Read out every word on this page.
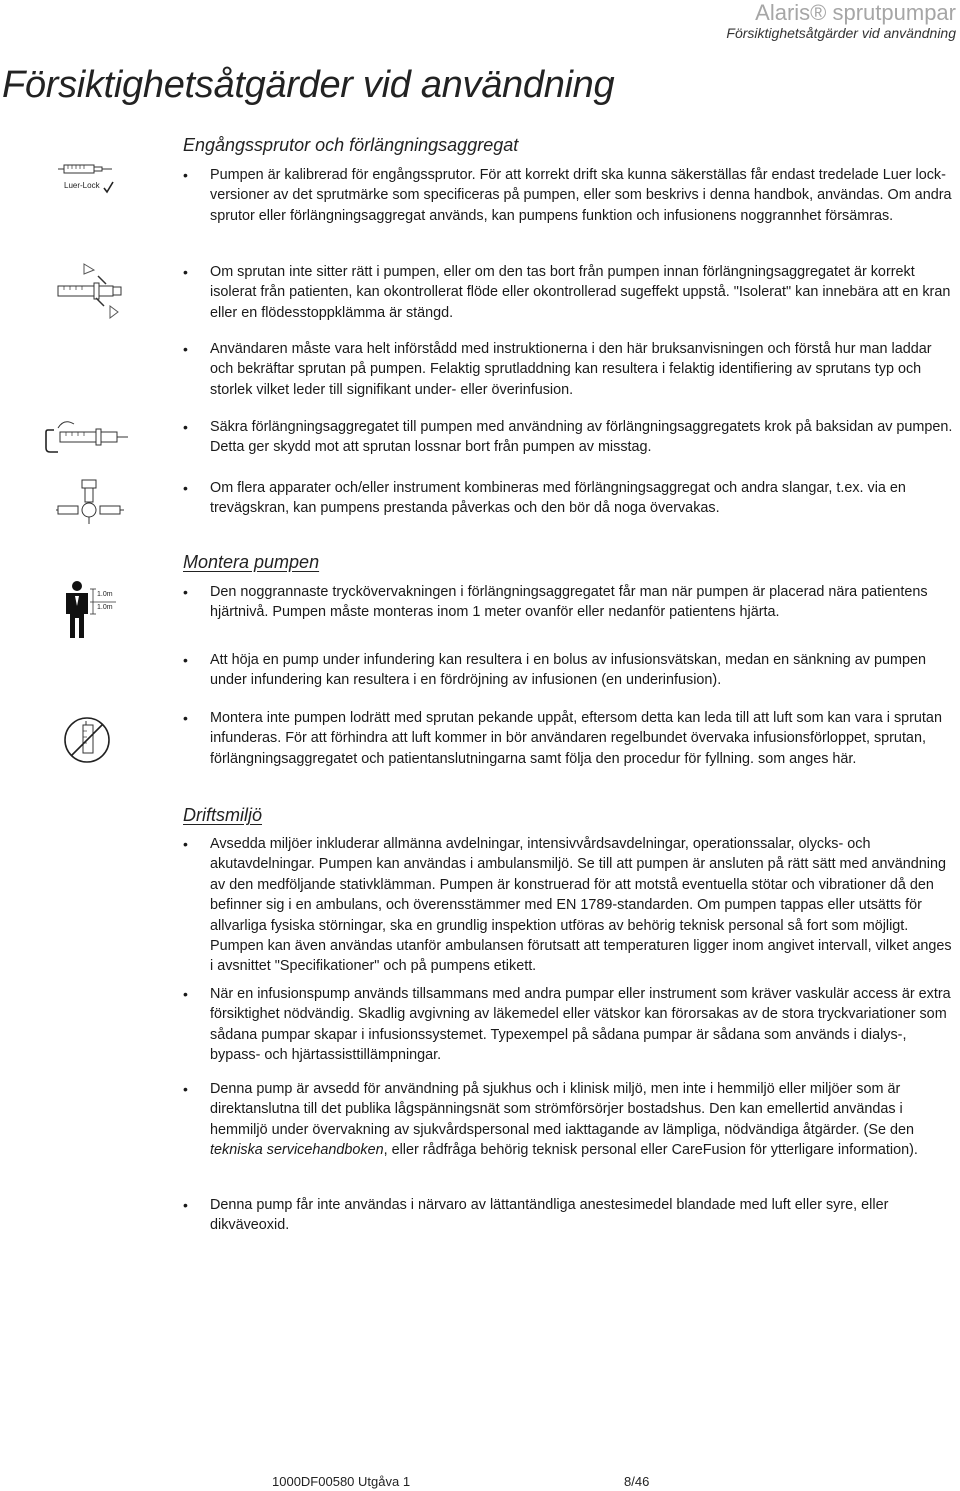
Alaris® sprutpumpar
Försiktighetsåtgärder vid användning
Försiktighetsåtgärder vid användning
Engångssprutor och förlängningsaggregat
Luer-Lock
•	Pumpen är kalibrerad för engångssprutor. För att korrekt drift ska kunna säkerställas får endast tredelade Luer lock-versioner av det sprutmärke som specificeras på pumpen, eller som beskrivs i denna handbok, användas. Om andra sprutor eller förlängningsaggregat används, kan pumpens funktion och infusionens noggrannhet försämras.
•	Om sprutan inte sitter rätt i pumpen, eller om den tas bort från pumpen innan förlängningsaggregatet är korrekt isolerat från patienten, kan okontrollerat flöde eller okontrollerad sugeffekt uppstå. "Isolerat" kan innebära att en kran eller en flödesstoppklämma är stängd.
•	Användaren måste vara helt införstådd med instruktionerna i den här bruksanvisningen och förstå hur man laddar och bekräftar sprutan på pumpen. Felaktig sprutladdning kan resultera i felaktig identifiering av sprutans typ och storlek vilket leder till signifikant under- eller överinfusion.
•	Säkra förlängningsaggregatet till pumpen med användning av förlängningsaggregatets krok på baksidan av pumpen. Detta ger skydd mot att sprutan lossnar bort från pumpen av misstag.
•	Om flera apparater och/eller instrument kombineras med förlängningsaggregat och andra slangar, t.ex. via en trevägskran, kan pumpens prestanda påverkas och den bör då noga övervakas.
Montera pumpen
1.0m
1.0m
•	Den noggrannaste tryckövervakningen i förlängningsaggregatet får man när pumpen är placerad nära patientens hjärtnivå. Pumpen måste monteras inom 1 meter ovanför eller nedanför patientens hjärta.
•	Att höja en pump under infundering kan resultera i en bolus av infusionsvätskan, medan en sänkning av pumpen under infundering kan resultera i en fördröjning av infusionen (en underinfusion).
•	Montera inte pumpen lodrätt med sprutan pekande uppåt, eftersom detta kan leda till att luft som kan vara i sprutan infunderas. För att förhindra att luft kommer in bör användaren regelbundet övervaka infusionsförloppet, sprutan, förlängningsaggregatet och patientanslutningarna samt följa den procedur för fyllning. som anges här.
Driftsmiljö
•	Avsedda miljöer inkluderar allmänna avdelningar, intensivvårdsavdelningar, operationssalar, olycks- och akutavdelningar. Pumpen kan användas i ambulansmiljö. Se till att pumpen är ansluten på rätt sätt med användning av den medföljande stativklämman. Pumpen är konstruerad för att motstå eventuella stötar och vibrationer då den befinner sig i en ambulans, och överensstämmer med EN 1789-standarden. Om pumpen tappas eller utsätts för allvarliga fysiska störningar, ska en grundlig inspektion utföras av behörig teknisk personal så fort som möjligt. Pumpen kan även användas utanför ambulansen förutsatt att temperaturen ligger inom angivet intervall, vilket anges i avsnittet "Specifikationer" och på pumpens etikett.
•	När en infusionspump används tillsammans med andra pumpar eller instrument som kräver vaskulär access är extra försiktighet nödvändig. Skadlig avgivning av läkemedel eller vätskor kan förorsakas av de stora tryckvariationer som sådana pumpar skapar i infusionssystemet. Typexempel på sådana pumpar är sådana som används i dialys-, bypass- och hjärtassisttillämpningar.
•	Denna pump är avsedd för användning på sjukhus och i klinisk miljö, men inte i hemmiljö eller miljöer som är direktanslutna till det publika lågspänningsnät som strömförsörjer bostadshus. Den kan emellertid användas i hemmiljö under övervakning av sjukvårdspersonal med iakttagande av lämpliga, nödvändiga åtgärder. (Se den tekniska servicehandboken, eller rådfråga behörig teknisk personal eller CareFusion för ytterligare information).
•	Denna pump får inte användas i närvaro av lättantändliga anestesimedel blandade med luft eller syre, eller dikväveoxid.
1000DF00580 Utgåva 1	8/46
